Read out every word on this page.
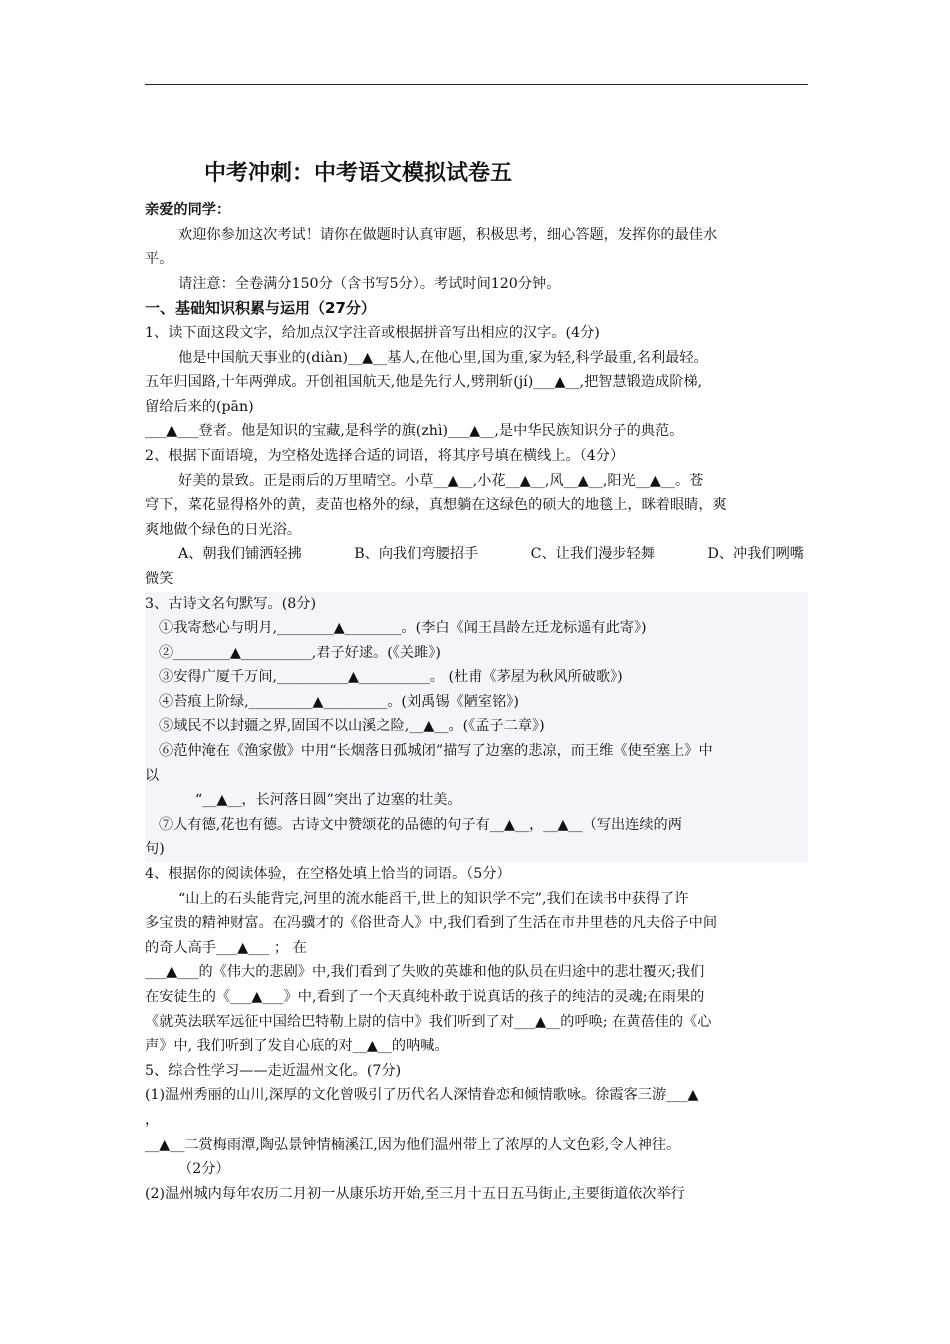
中考冲刺：中考语文模拟试卷五
亲爱的同学：
欢迎你参加这次考试！请你在做题时认真审题，积极思考，细心答题，发挥你的最佳水
平。
请注意：全卷满分150分（含书写5分）。考试时间120分钟。
一、基础知识积累与运用（27分）
1、读下面这段文字，给加点汉字注音或根据拼音写出相应的汉字。(4分)
他是中国航天事业的(diàn)__▲__基人,在他心里,国为重,家为轻,科学最重,名利最轻。
五年归国路,十年两弹成。开创祖国航天,他是先行人,劈荆斩(jí)___▲__,把智慧锻造成阶梯,
留给后来的(pān)
___▲___登者。他是知识的宝藏,是科学的旗(zhì)___▲__,是中华民族知识分子的典范。
2、根据下面语境，为空格处选择合适的词语，将其序号填在横线上。（4分）
好美的景致。正是雨后的万里晴空。小草__▲__,小花__▲__,风__▲__,阳光__▲__。苍
穹下，菜花显得格外的黄，麦苗也格外的绿，真想躺在这绿色的硕大的地毯上，眯着眼睛，爽
爽地做个绿色的日光浴。
A、朝我们铺洒轻拂	B、向我们弯腰招手	C、让我们漫步轻舞	D、冲我们咧嘴
微笑
3、古诗文名句默写。(8分)
①我寄愁心与明月,________▲________。(李白《闻王昌龄左迁龙标遥有此寄》)
②________▲__________,君子好逑。(《关雎》)
③安得广厦千万间,__________▲__________。 (杜甫《茅屋为秋风所破歌》)
④苔痕上阶绿,_________▲_________。(刘禹锡《陋室铭》)
⑤域民不以封疆之界,固国不以山溪之险,__▲__。(《孟子二章》)
⑥范仲淹在《渔家傲》中用“长烟落日孤城闭”描写了边塞的悲凉，而王维《使至塞上》中
以
“__▲__，长河落日圆”突出了边塞的壮美。
⑦人有德,花也有德。古诗文中赞颂花的品德的句子有__▲__，__▲__（写出连续的两
句)
4、根据你的阅读体验，在空格处填上恰当的词语。（5分）
“山上的石头能背完,河里的流水能舀干,世上的知识学不完”,我们在读书中获得了许
多宝贵的精神财富。在冯骥才的《俗世奇人》中,我们看到了生活在市井里巷的凡夫俗子中间
的奇人高手___▲___ ； 在
___▲___的《伟大的悲剧》中,我们看到了失败的英雄和他的队员在归途中的悲壮覆灭;我们
在安徒生的《___▲___》中,看到了一个天真纯朴敢于说真话的孩子的纯洁的灵魂;在雨果的
《就英法联军远征中国给巴特勒上尉的信中》我们听到了对___▲__的呼唤; 在黄蓓佳的《心
声》中, 我们听到了发自心底的对__▲__的呐喊。
5、综合性学习——走近温州文化。(7分)
(1)温州秀丽的山川,深厚的文化曾吸引了历代名人深情眷恋和倾情歌咏。徐霞客三游___▲
，
__▲__二赏梅雨潭,陶弘景钟情楠溪江,因为他们温州带上了浓厚的人文色彩,令人神往。
（2分）
(2)温州城内每年农历二月初一从康乐坊开始,至三月十五日五马街止,主要街道依次举行
